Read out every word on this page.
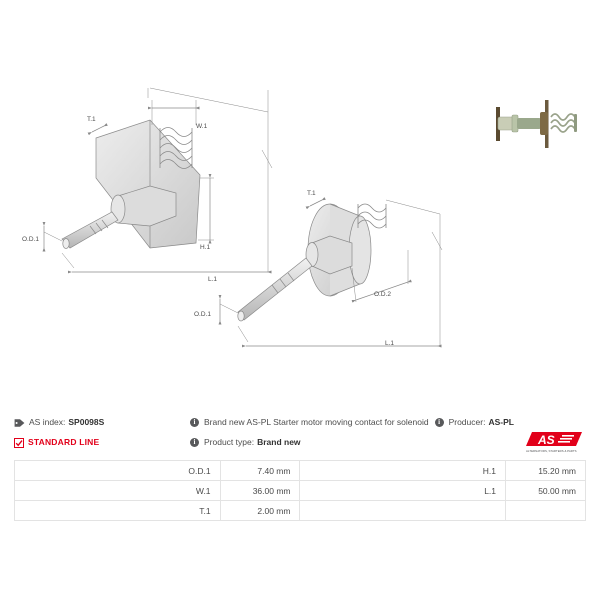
T.1
W.1
O.D.1
H.1
L.1
T.1
O.D.2
O.D.1
L.1
AS index: SP0098S
STANDARD LINE
i	Brand new AS-PL Starter motor moving contact for solenoid	i	Producer: AS-PL
i	Product type: Brand new	AS
ALTERNATORS, STARTERS & PARTS
O.D.1	7.40 mm	H.1	15.20 mm
W.1	36.00 mm	L.1	50.00 mm
T.1	2.00 mm		
